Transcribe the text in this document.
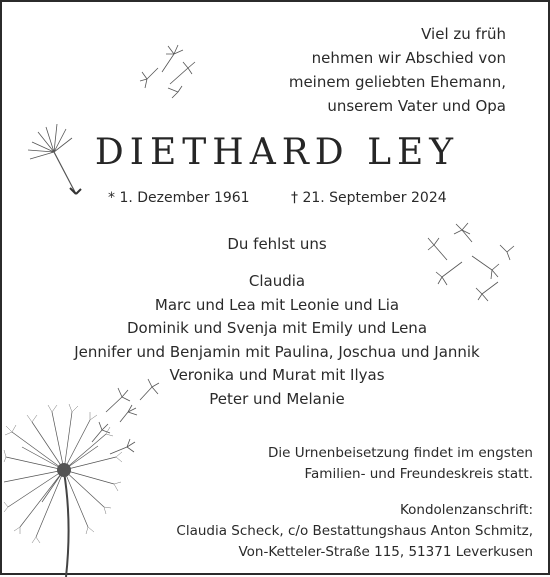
Viel zu früh
nehmen wir Abschied von
meinem geliebten Ehemann,
unserem Vater und Opa
DIETHARD LEY
* 1. Dezember 1961	† 21. September 2024
Du fehlst uns
Claudia
Marc und Lea mit Leonie und Lia
Dominik und Svenja mit Emily und Lena
Jennifer und Benjamin mit Paulina, Joschua und Jannik
Veronika und Murat mit Ilyas
Peter und Melanie
Die Urnenbeisetzung findet im engsten
Familien- und Freundeskreis statt.
Kondolenzanschrift:
Claudia Scheck, c/o Bestattungshaus Anton Schmitz,
Von-Ketteler-Straße 115, 51371 Leverkusen
